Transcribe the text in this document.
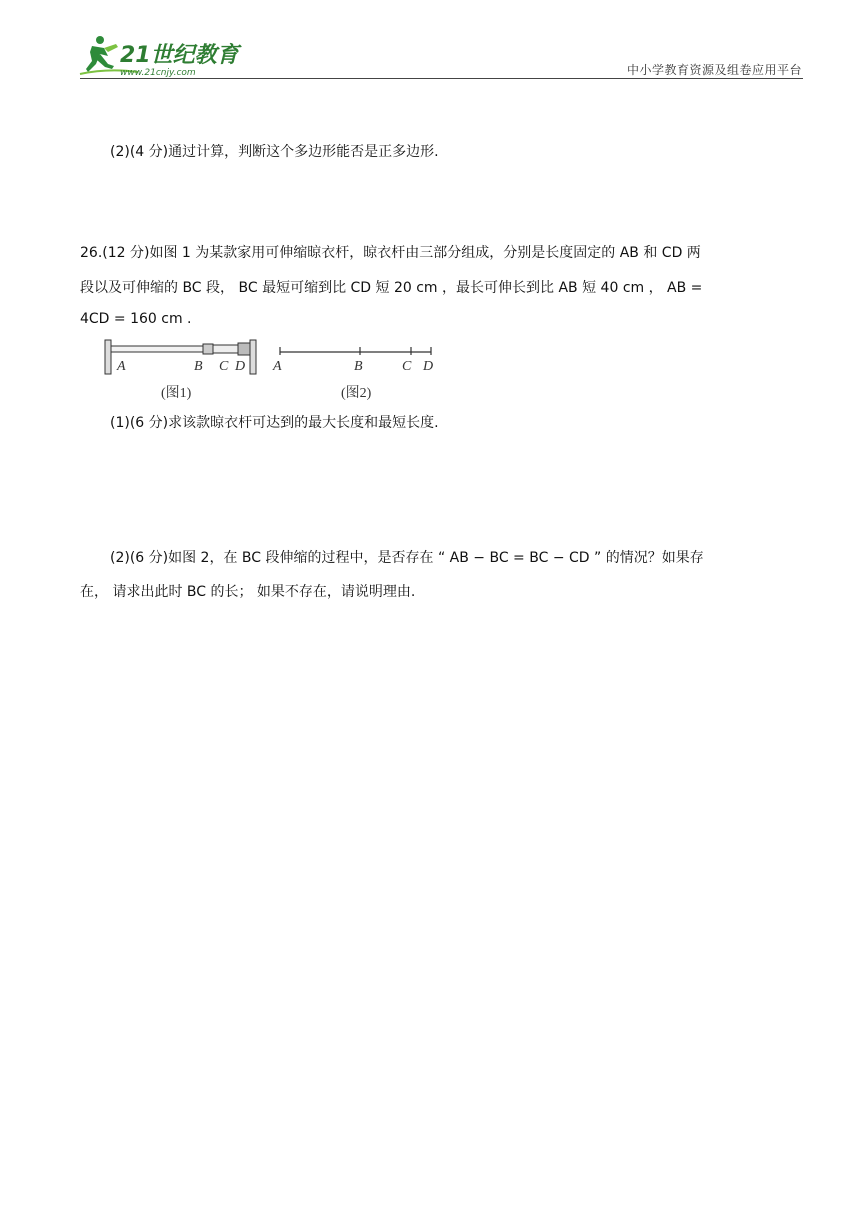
21世纪教育
www.21cnjy.com	中小学教育资源及组卷应用平台
(2)(4 分)通过计算，判断这个多边形能否是正多边形.
26.(12 分)如图 1 为某款家用可伸缩晾衣杆，晾衣杆由三部分组成，分别是长度固定的 AB 和 CD 两
段以及可伸缩的 BC 段， BC 最短可缩到比 CD 短 20 cm ，最长可伸长到比 AB 短 40 cm ， AB =
4CD = 160 cm .
(1)(6 分)求该款晾衣杆可达到的最大长度和最短长度.
(2)(6 分)如图 2，在 BC 段伸缩的过程中，是否存在 “ AB − BC = BC − CD ” 的情况？如果存
在， 请求出此时 BC 的长； 如果不存在，请说明理由.
A	B C D A	B	C D
(图1)	(图2)
